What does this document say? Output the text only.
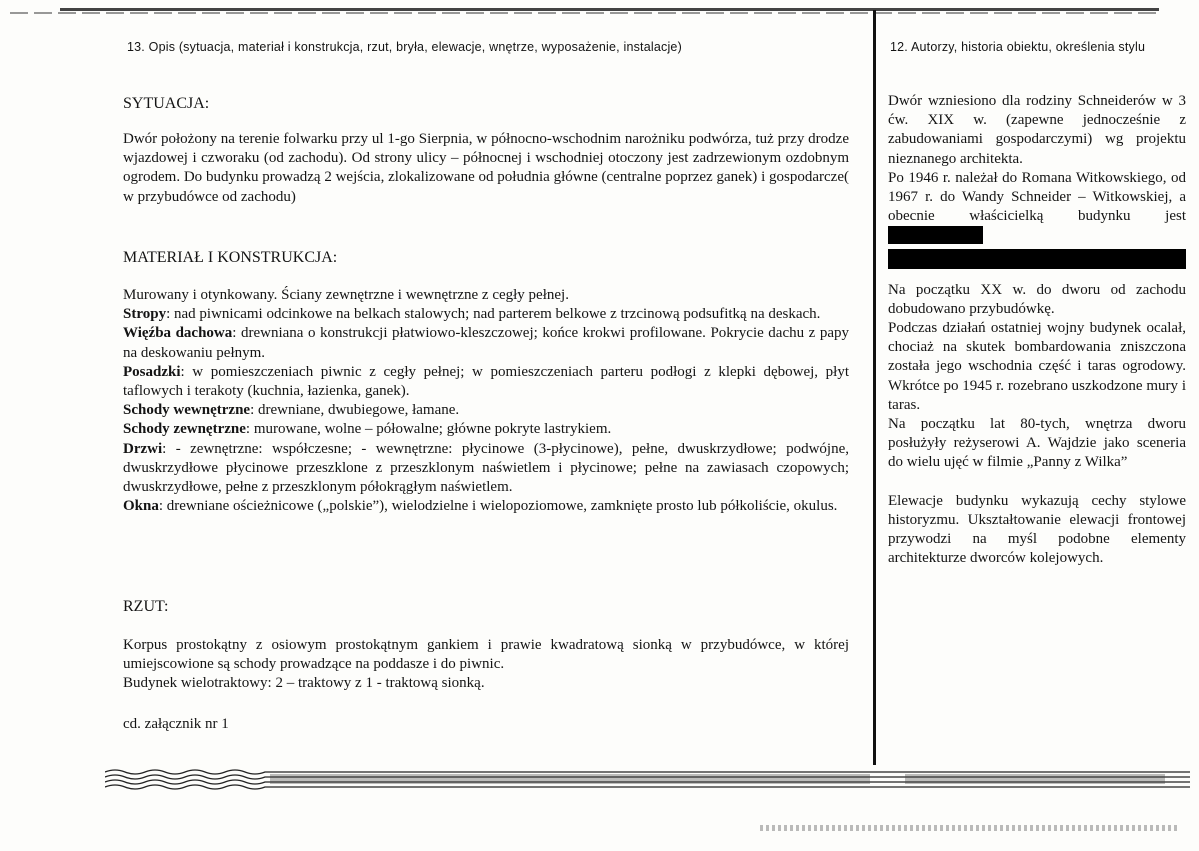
13. Opis (sytuacja, materiał i konstrukcja, rzut, bryła, elewacje, wnętrze, wyposażenie, instalacje)	12. Autorzy, historia obiektu, określenia stylu
SYTUACJA:

Dwór położony na terenie folwarku przy ul 1-go Sierpnia, w północno-wschodnim narożniku podwórza, tuż przy drodze wjazdowej i czworaku (od zachodu). Od strony ulicy – północnej i wschodniej otoczony jest zadrzewionym ozdobnym ogrodem. Do budynku prowadzą 2 wejścia, zlokalizowane od południa główne (centralne poprzez ganek) i gospodarcze( w przybudówce od zachodu)

MATERIAŁ I KONSTRUKCJA:

Murowany i otynkowany. Ściany zewnętrzne i wewnętrzne z cegły pełnej.

Stropy: nad piwnicami odcinkowe na belkach stalowych; nad parterem belkowe z trzcinową podsufitką na deskach.

Więźba dachowa: drewniana o konstrukcji płatwiowo-kleszczowej; końce krokwi profilowane. Pokrycie dachu z papy na deskowaniu pełnym.

Posadzki: w pomieszczeniach piwnic z cegły pełnej; w pomieszczeniach parteru podłogi z klepki dębowej, płyt taflowych i terakoty (kuchnia, łazienka, ganek).

Schody wewnętrzne: drewniane, dwubiegowe, łamane.

Schody zewnętrzne: murowane, wolne – półowalne; główne pokryte lastrykiem.

Drzwi: - zewnętrzne: współczesne; - wewnętrzne: płycinowe (3-płycinowe), pełne, dwuskrzydłowe; podwójne, dwuskrzydłowe płycinowe przeszklone z przeszklonym naświetlem i płycinowe; pełne na zawiasach czopowych; dwuskrzydłowe, pełne z przeszklonym półokrągłym naświetlem.

Okna: drewniane ościeżnicowe („polskie”), wielodzielne i wielopoziomowe, zamknięte prosto lub półkoliście, okulus.

RZUT:

Korpus prostokątny z osiowym prostokątnym gankiem i prawie kwadratową sionką w przybudówce, w której umiejscowione są schody prowadzące na poddasze i do piwnic.

Budynek wielotraktowy: 2 – traktowy z 1 - traktową sionką.

cd. załącznik nr 1

Dwór wzniesiono dla rodziny Schneiderów w 3 ćw. XIX w. (zapewne jednocześnie z zabudowaniami gospodarczymi) wg projektu nieznanego architekta.

Po 1946 r. należał do Romana Witkowskiego, od 1967 r. do Wandy Schneider – Witkowskiej, a obecnie właścicielką budynku jest

Na początku XX w. do dworu od zachodu dobudowano przybudówkę.

Podczas działań ostatniej wojny budynek ocalał, chociaż na skutek bombardowania zniszczona została jego wschodnia część i taras ogrodowy. Wkrótce po 1945 r. rozebrano uszkodzone mury i taras.

Na początku lat 80-tych, wnętrza dworu posłużyły reżyserowi A. Wajdzie jako sceneria do wielu ujęć w filmie „Panny z Wilka”

Elewacje budynku wykazują cechy stylowe historyzmu. Ukształtowanie elewacji frontowej przywodzi na myśl podobne elementy architekturze dworców kolejowych.
